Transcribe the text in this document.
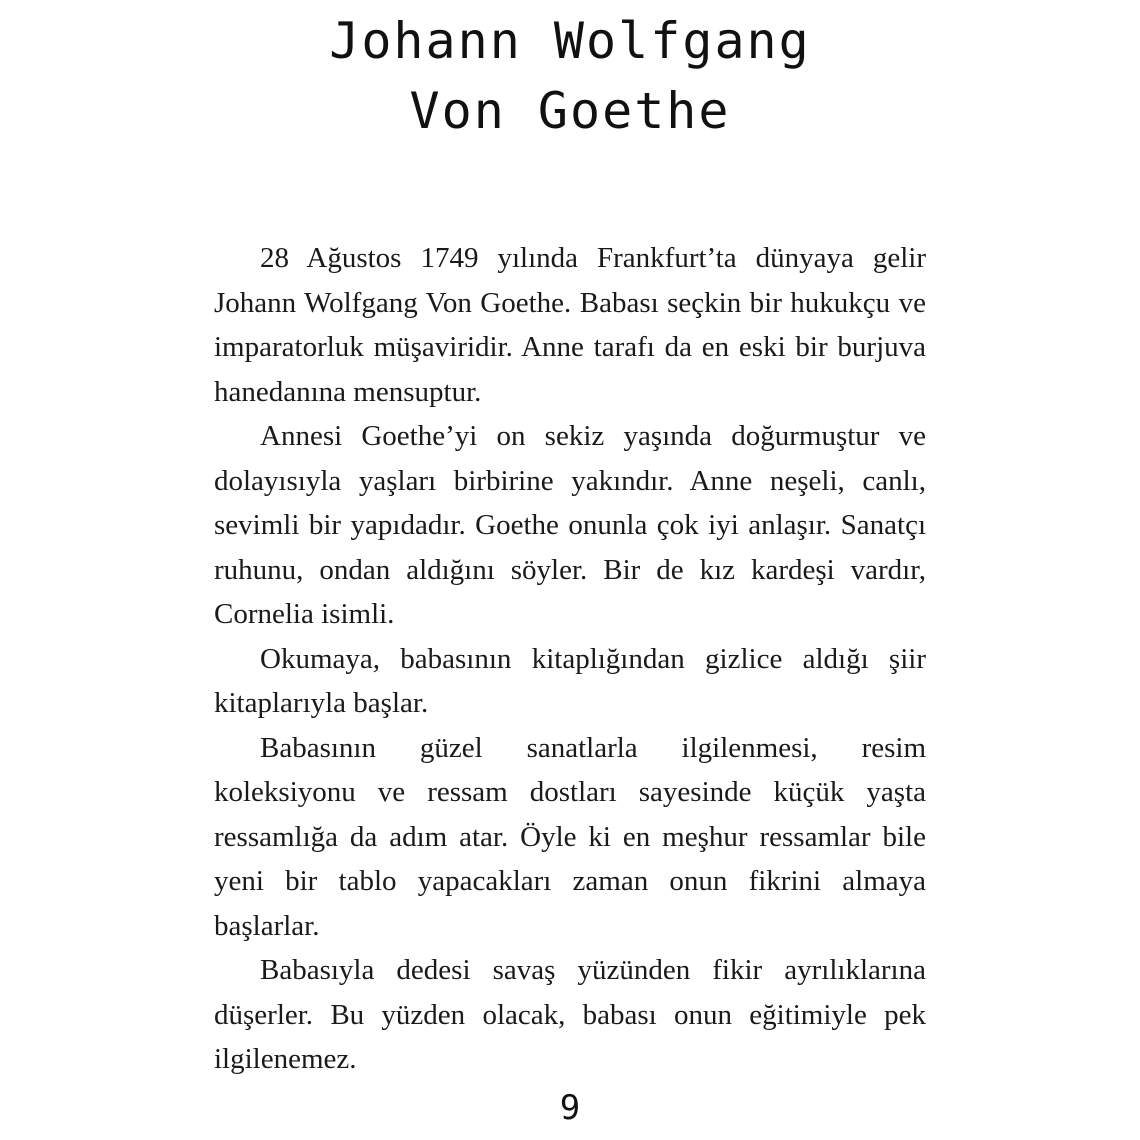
Johann Wolfgang
Von Goethe

28 Ağustos 1749 yılında Frankfurt’ta dünyaya gelir Johann Wolfgang Von Goethe. Babası seçkin bir hukukçu ve imparatorluk müşaviridir. Anne tarafı da en eski bir burjuva hanedanına mensuptur.

Annesi Goethe’yi on sekiz yaşında doğurmuştur ve dolayısıyla yaşları birbirine yakındır. Anne neşeli, canlı, sevimli bir yapıdadır. Goethe onunla çok iyi anlaşır. Sanatçı ruhunu, ondan aldığını söyler. Bir de kız kardeşi vardır, Cornelia isimli.

Okumaya, babasının kitaplığından gizlice aldığı şiir kitaplarıyla başlar.

Babasının güzel sanatlarla ilgilenmesi, resim koleksiyonu ve ressam dostları sayesinde küçük yaşta ressamlığa da adım atar. Öyle ki en meşhur ressamlar bile yeni bir tablo yapacakları zaman onun fikrini almaya başlarlar.

Babasıyla dedesi savaş yüzünden fikir ayrılıklarına düşerler. Bu yüzden olacak, babası onun eğitimiyle pek ilgilenemez.

9
